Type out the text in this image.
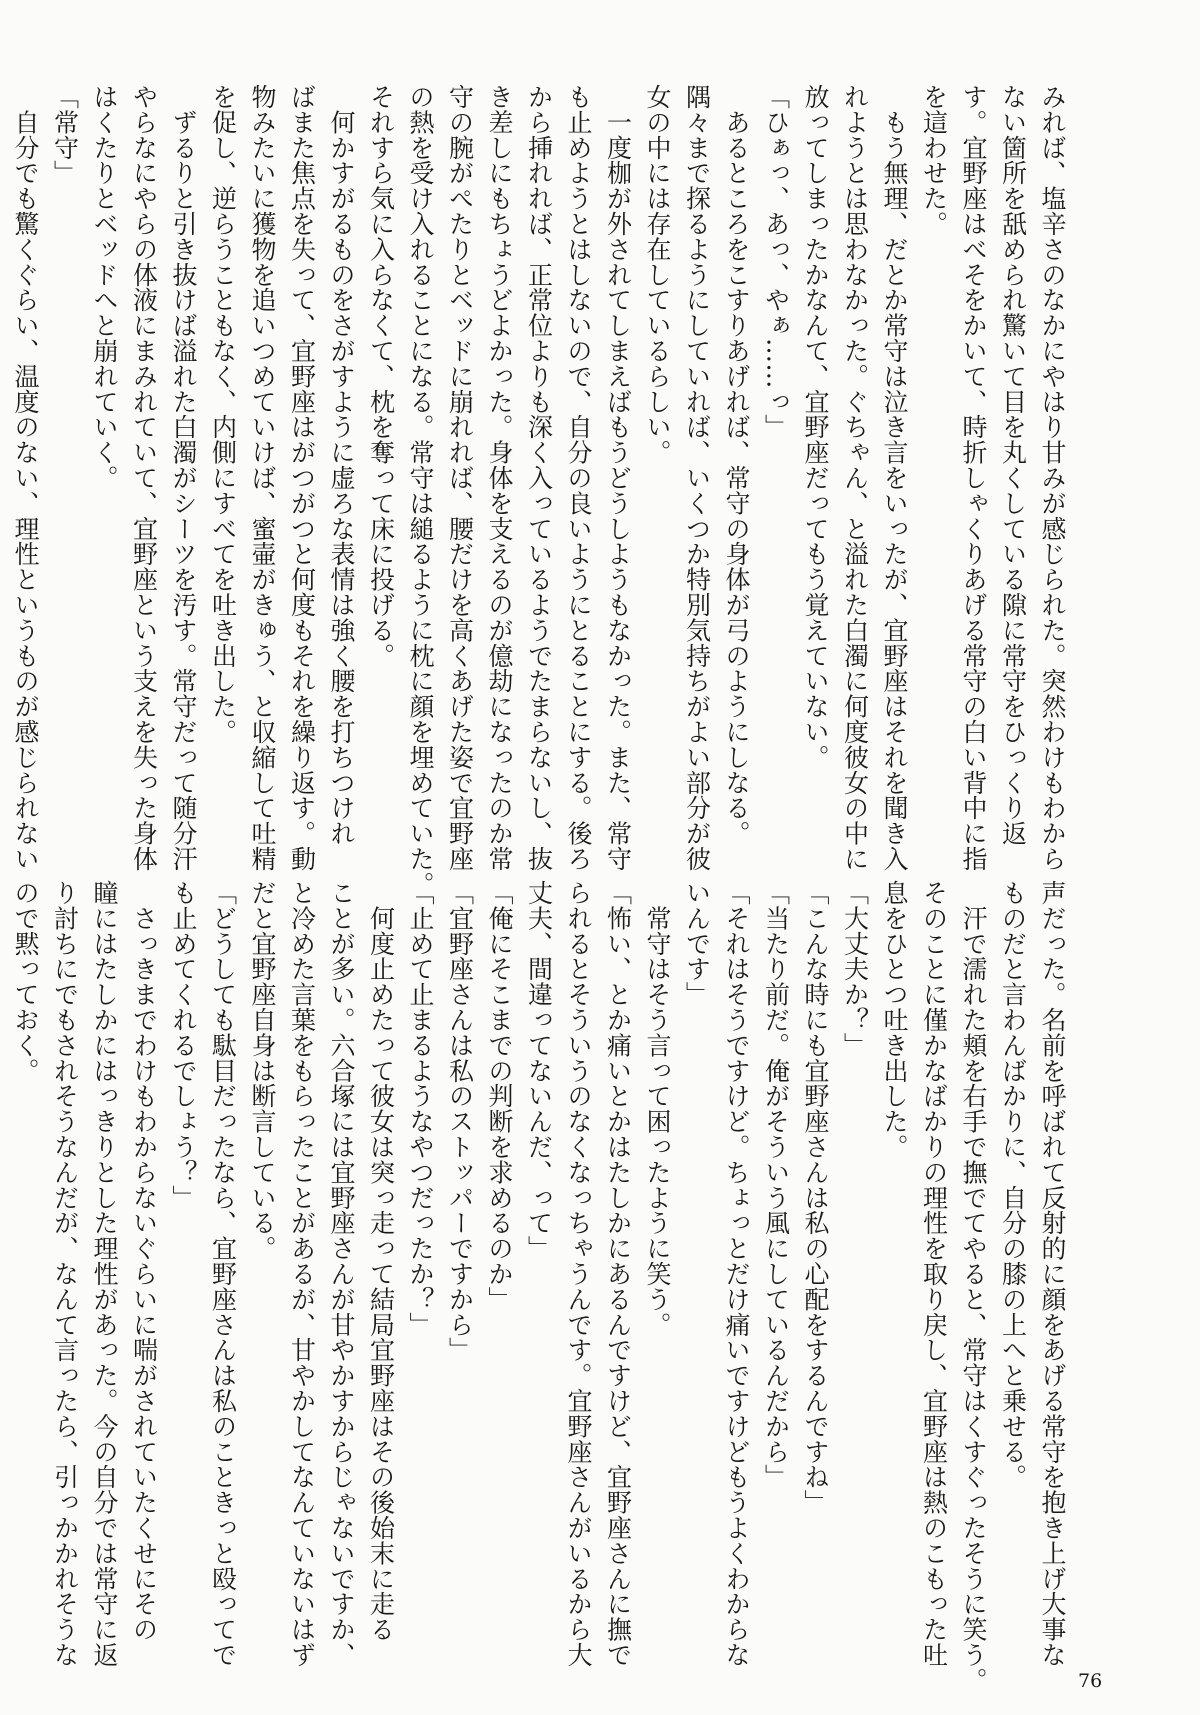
みれば、塩辛さのなかにやはり甘みが感じられた。突然わけもわから
ない箇所を舐められ驚いて目を丸くしている隙に常守をひっくり返
す。宜野座はべそをかいて、時折しゃくりあげる常守の白い背中に指
を這わせた。
　もう無理、だとか常守は泣き言をいったが、宜野座はそれを聞き入
れようとは思わなかった。ぐちゃん、と溢れた白濁に何度彼女の中に
放ってしまったかなんて、宜野座だってもう覚えていない。
「ひぁっ、あっ、やぁ……っ」
　あるところをこすりあげれば、常守の身体が弓のようにしなる。
隅々まで探るようにしていれば、いくつか特別気持ちがよい部分が彼
女の中には存在しているらしい。
　一度枷が外されてしまえばもうどうしようもなかった。また、常守
も止めようとはしないので、自分の良いようにとることにする。後ろ
から挿れれば、正常位よりも深く入っているようでたまらないし、抜
き差しにもちょうどよかった。身体を支えるのが億劫になったのか常
守の腕がぺたりとベッドに崩れれば、腰だけを高くあげた姿で宜野座
の熱を受け入れることになる。常守は縋るように枕に顔を埋めていた。
それすら気に入らなくて、枕を奪って床に投げる。
　何かすがるものをさがすように虚ろな表情は強く腰を打ちつけれ
ばまた焦点を失って、宜野座はがつがつと何度もそれを繰り返す。動
物みたいに獲物を追いつめていけば、蜜壷がきゅう、と収縮して吐精
を促し、逆らうこともなく、内側にすべてを吐き出した。
　ずるりと引き抜けば溢れた白濁がシーツを汚す。常守だって随分汗
やらなにやらの体液にまみれていて、宜野座という支えを失った身体
はくたりとベッドへと崩れていく。
「常守」
　自分でも驚くぐらい、温度のない、理性というものが感じられない
声だった。名前を呼ばれて反射的に顔をあげる常守を抱き上げ大事な
ものだと言わんばかりに、自分の膝の上へと乗せる。
　汗で濡れた頬を右手で撫でてやると、常守はくすぐったそうに笑う。
そのことに僅かなばかりの理性を取り戻し、宜野座は熱のこもった吐
息をひとつ吐き出した。
「大丈夫か？」
「こんな時にも宜野座さんは私の心配をするんですね」
「当たり前だ。俺がそういう風にしているんだから」
「それはそうですけど。ちょっとだけ痛いですけどもうよくわからな
いんです」
　常守はそう言って困ったように笑う。
「怖い、とか痛いとかはたしかにあるんですけど、宜野座さんに撫で
られるとそういうのなくなっちゃうんです。宜野座さんがいるから大
丈夫、間違ってないんだ、って」
「俺にそこまでの判断を求めるのか」
「宜野座さんは私のストッパーですから」
「止めて止まるようなやつだったか？」
　何度止めたって彼女は突っ走って結局宜野座はその後始末に走る
ことが多い。六合塚には宜野座さんが甘やかすからじゃないですか、
と冷めた言葉をもらったことがあるが、甘やかしてなんていないはず
だと宜野座自身は断言している。
「どうしても駄目だったなら、宜野座さんは私のこときっと殴ってで
も止めてくれるでしょう？」
　さっきまでわけもわからないぐらいに喘がされていたくせにその
瞳にはたしかにはっきりとした理性があった。今の自分では常守に返
り討ちにでもされそうなんだが、なんて言ったら、引っかかれそうな
ので黙っておく。
76
